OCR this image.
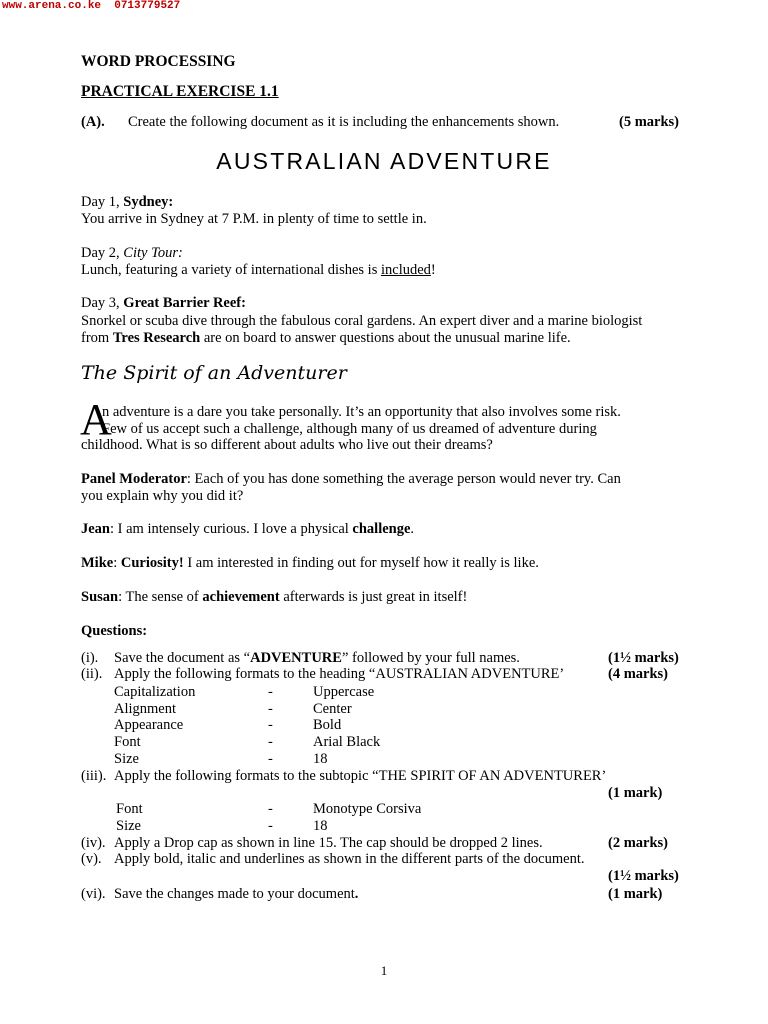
www.arena.co.ke 0713779527
WORD PROCESSING
PRACTICAL EXERCISE 1.1
(A). Create the following document as it is including the enhancements shown.	(5 marks)
AUSTRALIAN ADVENTURE
Day 1, Sydney:
You arrive in Sydney at 7 P.M. in plenty of time to settle in.
Day 2, City Tour:
Lunch, featuring a variety of international dishes is included!
Day 3, Great Barrier Reef:
Snorkel or scuba dive through the fabulous coral gardens. An expert diver and a marine biologist
from Tres Research are on board to answer questions about the unusual marine life.
The Spirit of an Adventurer
A
n adventure is a dare you take personally. It’s an opportunity that also involves some risk.
Few of us accept such a challenge, although many of us dreamed of adventure during
childhood. What is so different about adults who live out their dreams?
Panel Moderator: Each of you has done something the average person would never try. Can
you explain why you did it?
Jean: I am intensely curious. I love a physical challenge.
Mike: Curiosity! I am interested in finding out for myself how it really is like.
Susan: The sense of achievement afterwards is just great in itself!
Questions:
(i). Save the document as “ADVENTURE” followed by your full names.	(1½ marks)
(ii). Apply the following formats to the heading “AUSTRALIAN ADVENTURE’	(4 marks)
Capitalization	-	Uppercase
Alignment	-	Center
Appearance	-	Bold
Font	-	Arial Black
Size	-	18
(iii). Apply the following formats to the subtopic “THE SPIRIT OF AN ADVENTURER’
(1 mark)
Font	-	Monotype Corsiva
Size	-	18
(iv). Apply a Drop cap as shown in line 15. The cap should be dropped 2 lines.	(2 marks)
(v). Apply bold, italic and underlines as shown in the different parts of the document.
(1½ marks)
(vi). Save the changes made to your document.	(1 mark)
1
